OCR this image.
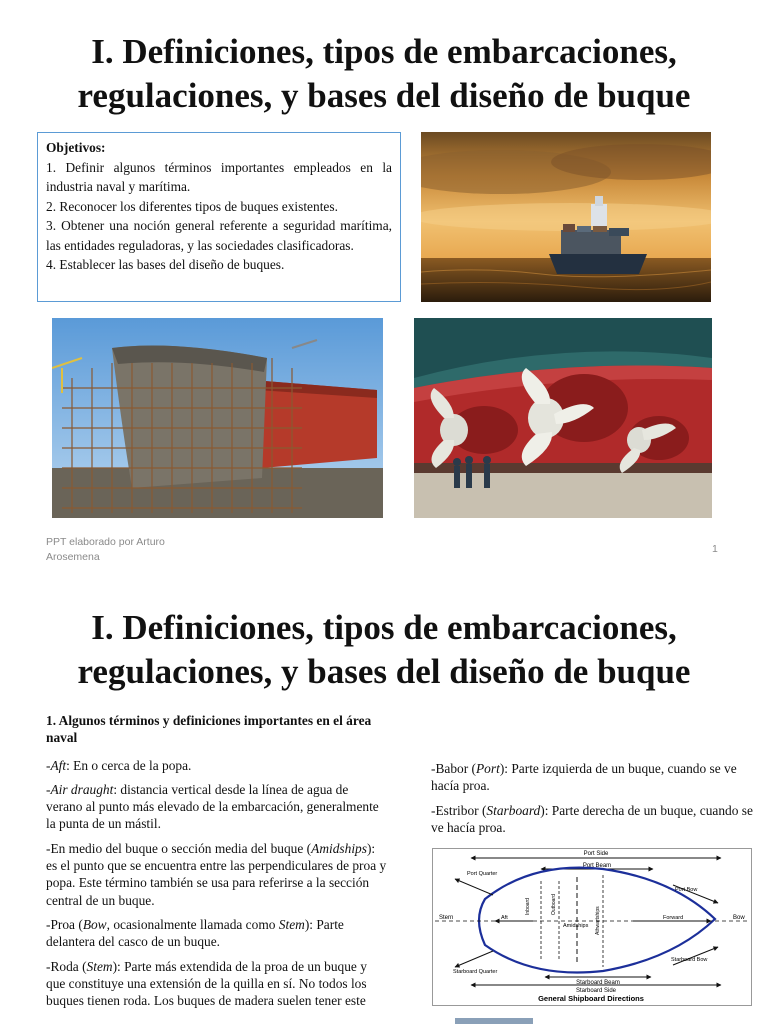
I. Definiciones, tipos de embarcaciones,
regulaciones, y bases del diseño de buque
Objetivos:
1. Definir algunos términos importantes empleados en la industria naval y marítima.
2. Reconocer los diferentes tipos de buques existentes.
3. Obtener una noción general referente a seguridad marítima, las entidades reguladoras, y las sociedades clasificadoras.
4. Establecer las bases del diseño de buques.
PPT elaborado por Arturo
Arosemena
1
I. Definiciones, tipos de embarcaciones,
regulaciones, y bases del diseño de buque

1. Algunos términos y definiciones importantes en el área naval

-Aft: En o cerca de la popa.

-Air draught: distancia vertical desde la línea de agua de verano al punto más elevado de la embarcación, generalmente la punta de un mástil.

-En medio del buque o sección media del buque (Amidships): es el punto que se encuentra entre las perpendiculares de proa y popa. Este término también se usa para referirse a la sección central de un buque.

-Proa (Bow, ocasionalmente llamada como Stem): Parte delantera del casco de un buque.

-Roda (Stem): Parte más extendida de la proa de un buque y que constituye una extensión de la quilla en sí. No todos los buques tienen roda. Los buques de madera suelen tener este

-Babor (Port): Parte izquierda de un buque, cuando se ve hacía proa.

-Estribor (Starboard): Parte derecha de un buque, cuando se ve hacía proa.

Port Side
Port Beam
Port Quarter
Port Bow
Starboard Quarter
Starboard Bow
Stern	Bow
Aft	Forward
Inboard	Outboard
Amidships Athwartships
Starboard Beam
Starboard Side
General Shipboard Directions
